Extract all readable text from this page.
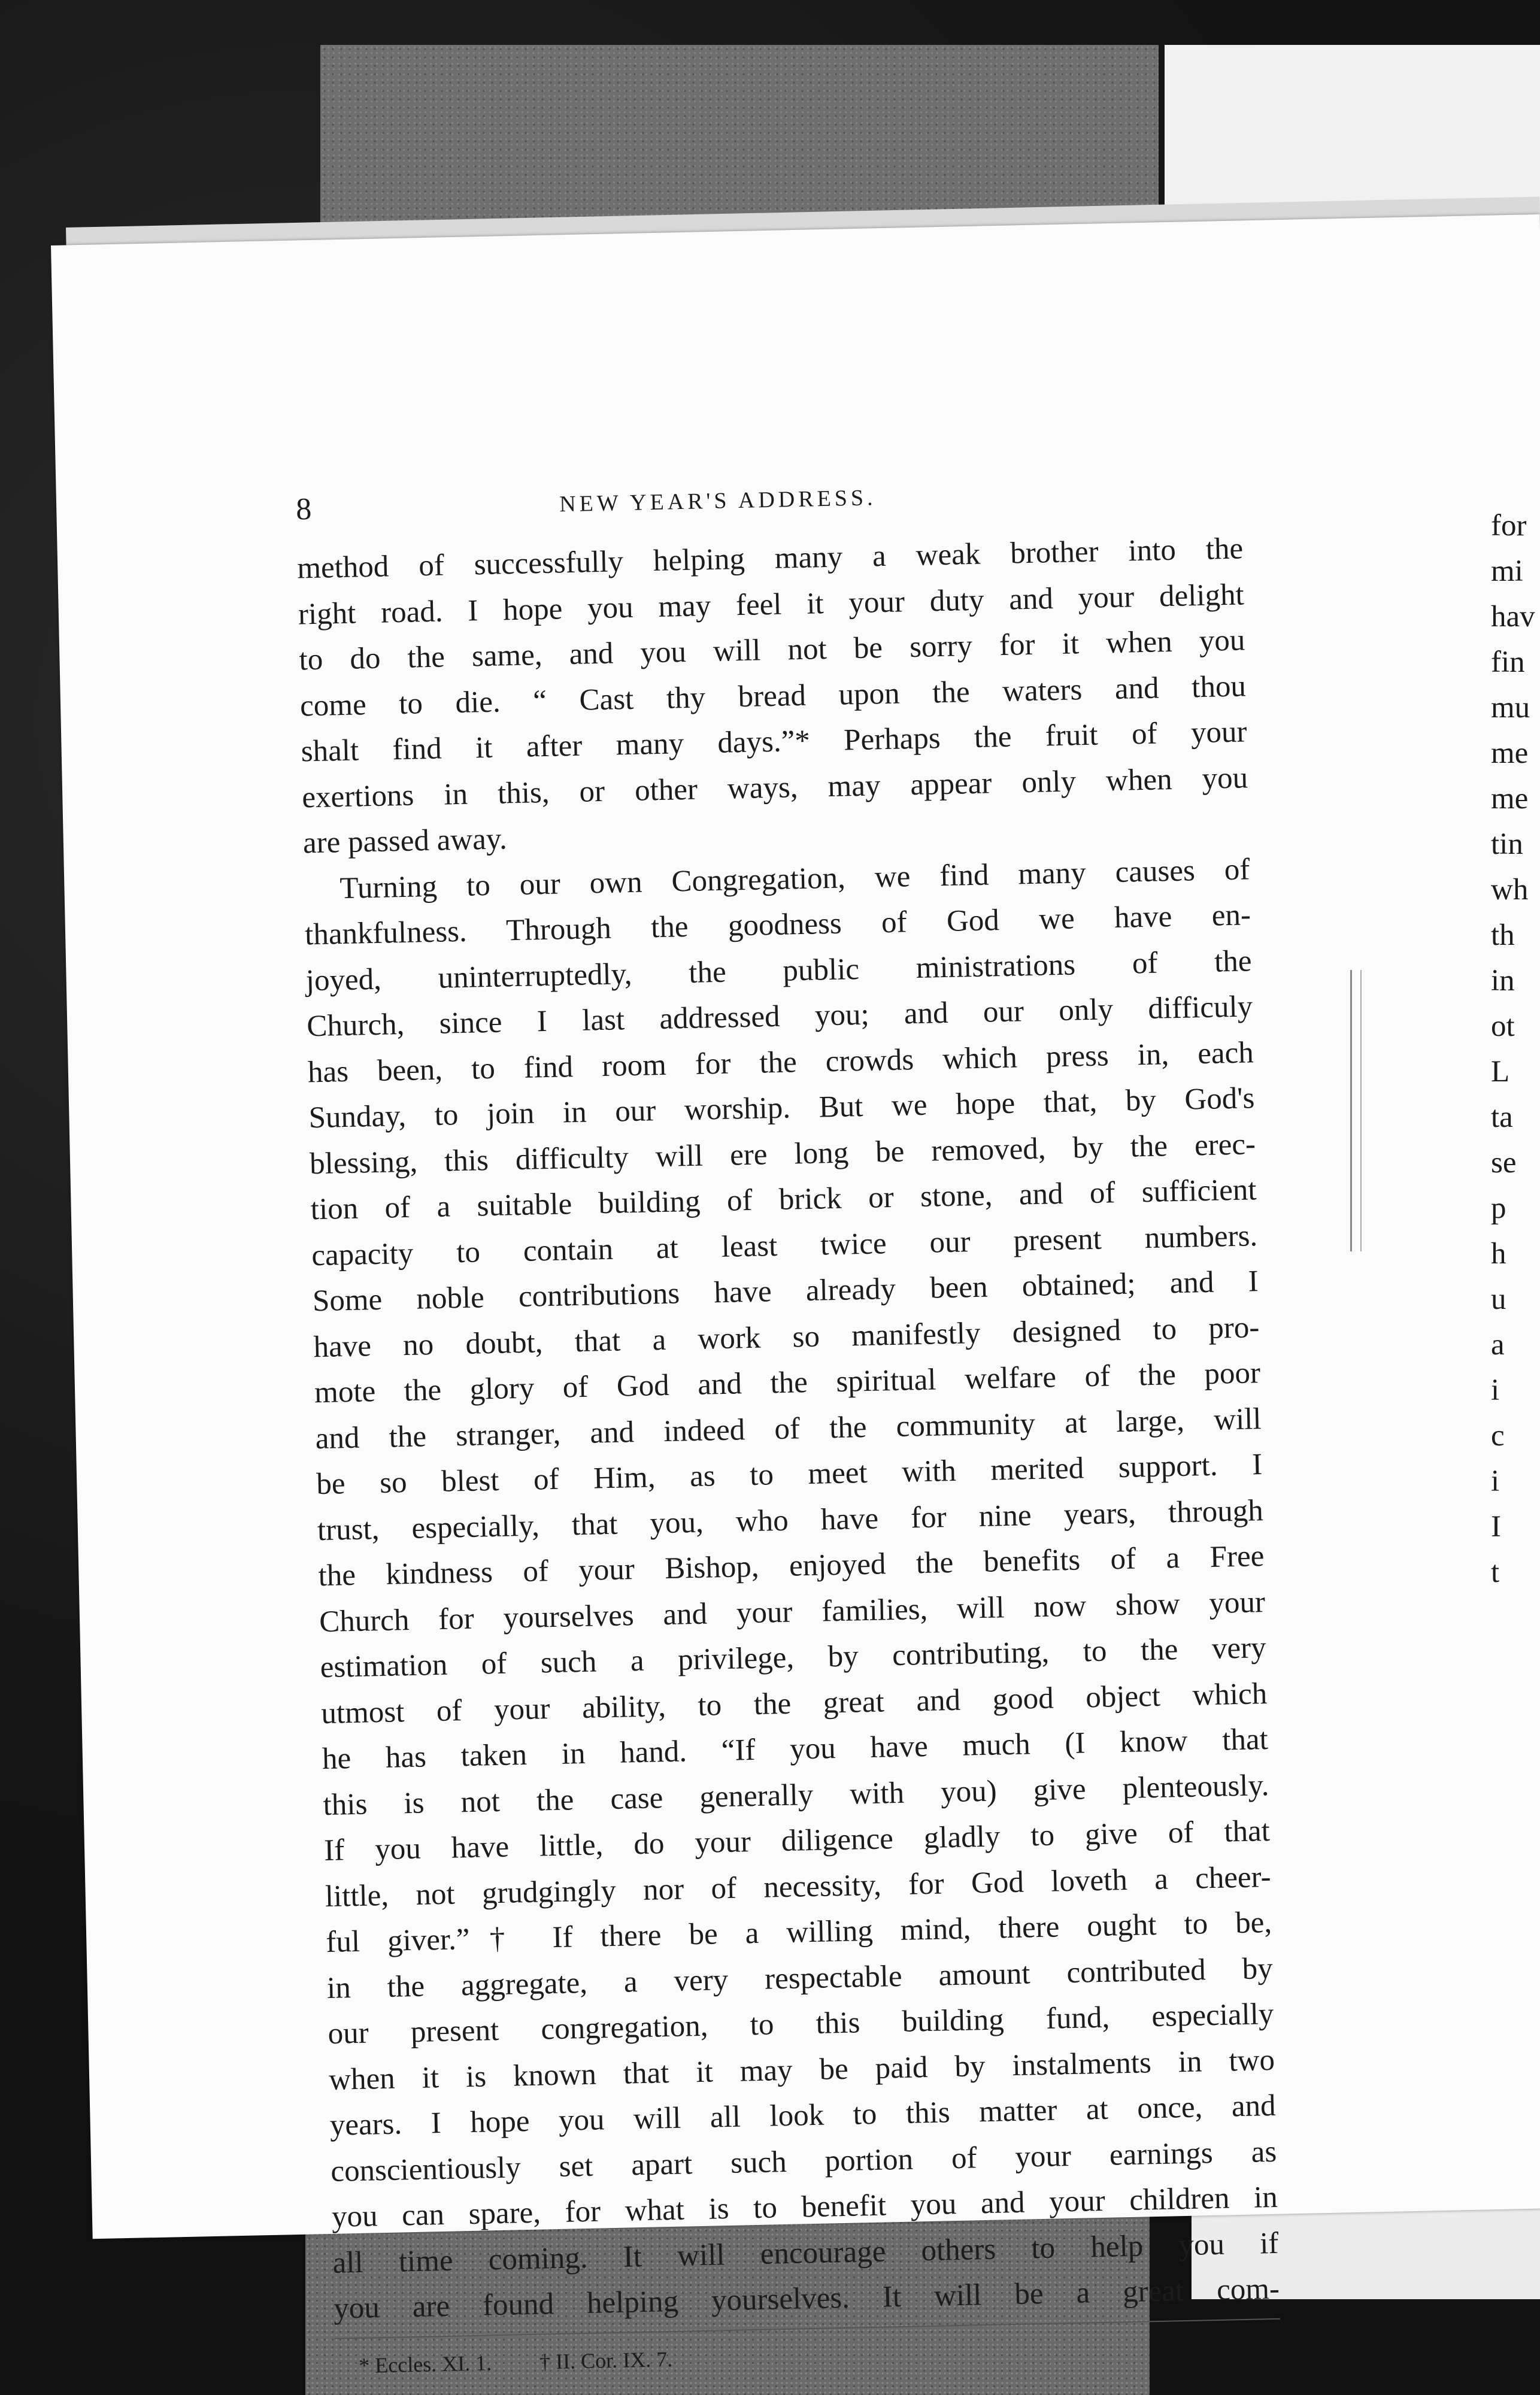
8	NEW YEAR'S ADDRESS.
method of successfully helping many a weak brother into the
right road. I hope you may feel it your duty and your delight
to do the same, and you will not be sorry for it when you
come to die. “ Cast thy bread upon the waters and thou
shalt find it after many days.”* Perhaps the fruit of your
exertions in this, or other ways, may appear only when you
are passed away.
Turning to our own Congregation, we find many causes of
thankfulness. Through the goodness of God we have en-
joyed, uninterruptedly, the public ministrations of the
Church, since I last addressed you; and our only difficuly
has been, to find room for the crowds which press in, each
Sunday, to join in our worship. But we hope that, by God's
blessing, this difficulty will ere long be removed, by the erec-
tion of a suitable building of brick or stone, and of sufficient
capacity to contain at least twice our present numbers.
Some noble contributions have already been obtained; and I
have no doubt, that a work so manifestly designed to pro-
mote the glory of God and the spiritual welfare of the poor
and the stranger, and indeed of the community at large, will
be so blest of Him, as to meet with merited support. I
trust, especially, that you, who have for nine years, through
the kindness of your Bishop, enjoyed the benefits of a Free
Church for yourselves and your families, will now show your
estimation of such a privilege, by contributing, to the very
utmost of your ability, to the great and good object which
he has taken in hand. “If you have much (I know that
this is not the case generally with you) give plenteously.
If you have little, do your diligence gladly to give of that
little, not grudgingly nor of necessity, for God loveth a cheer-
ful giver.”† If there be a willing mind, there ought to be,
in the aggregate, a very respectable amount contributed by
our present congregation, to this building fund, especially
when it is known that it may be paid by instalments in two
years. I hope you will all look to this matter at once, and
conscientiously set apart such portion of your earnings as
you can spare, for what is to benefit you and your children in
all time coming. It will encourage others to help you if
you are found helping yourselves. It will be a great com-
* Eccles. XI. 1. † II. Cor. IX. 7.
for
mi
hav
fin
mu
me
me
tin
wh
th
in
ot
L
ta
se
p
h
u
a
i
c
i
I
t
